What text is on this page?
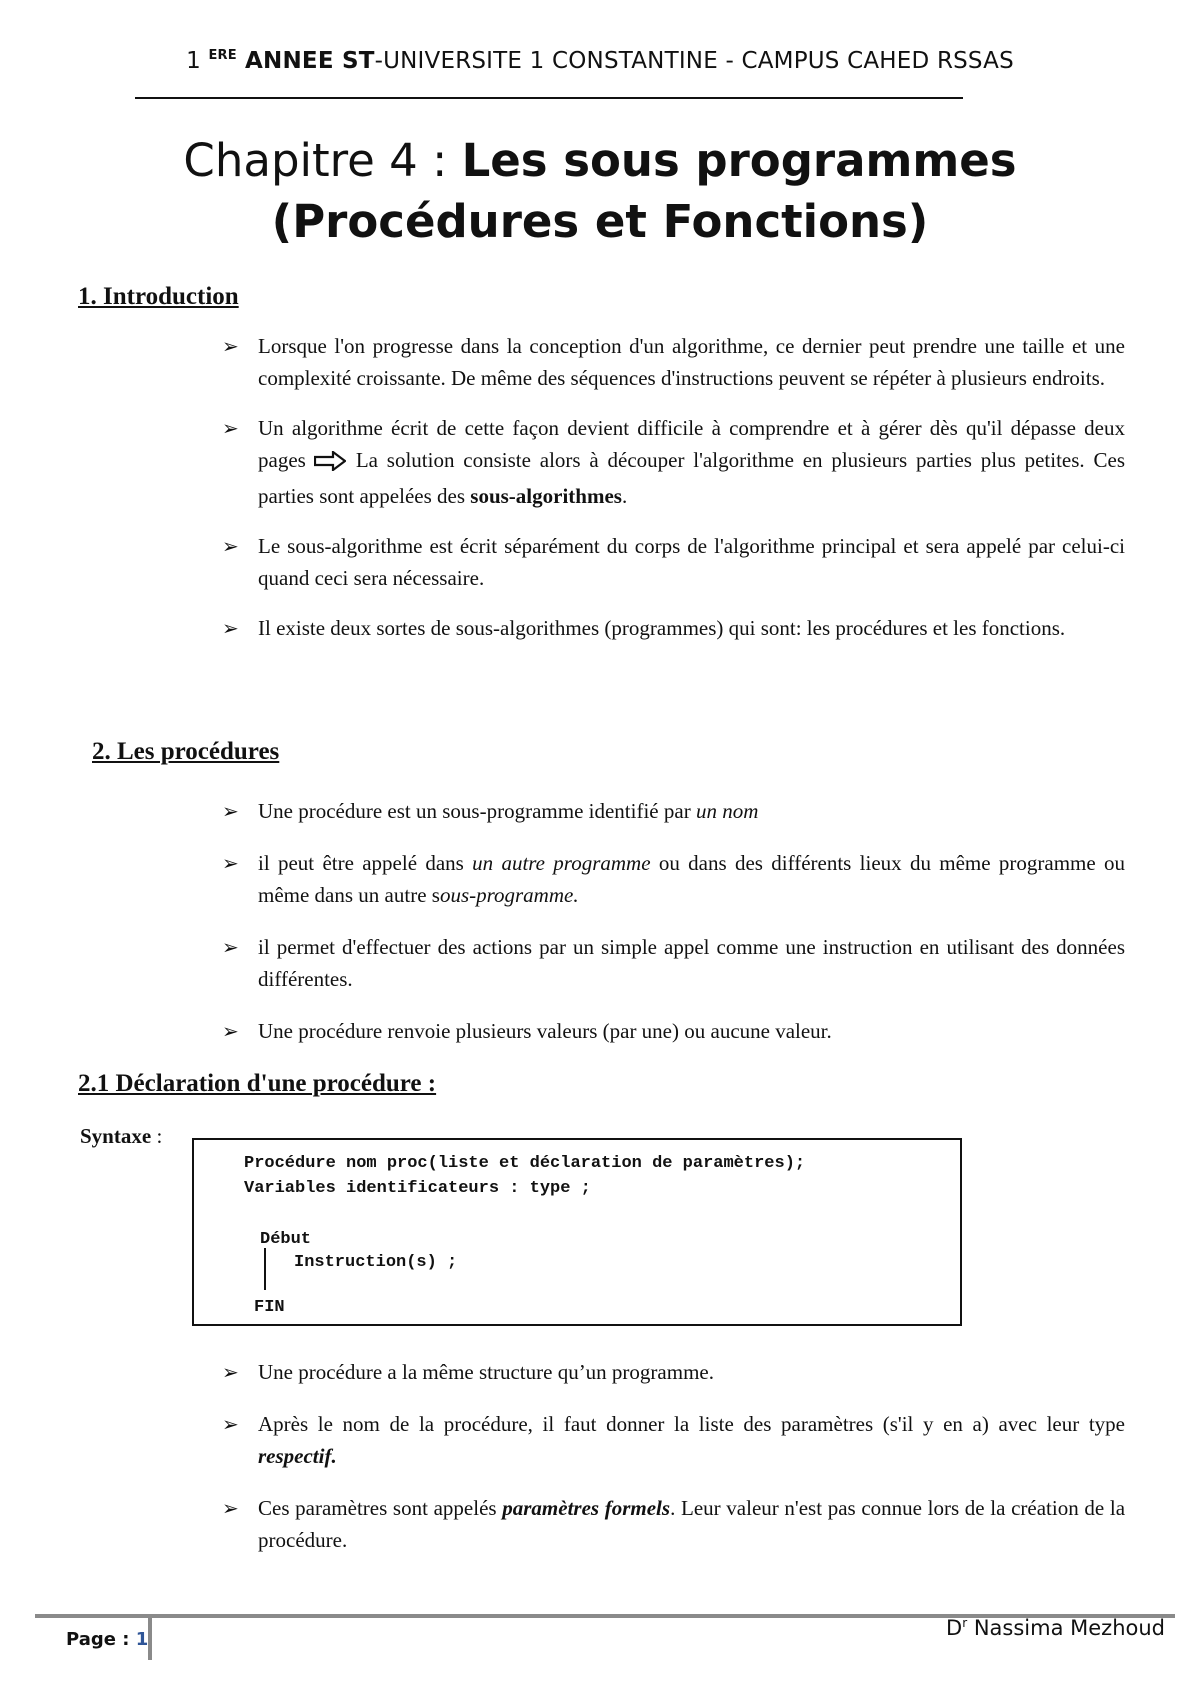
1 $^{ERE}$ ANNEE ST-UNIVERSITE 1 CONSTANTINE - CAMPUS CAHED RSSAS
Chapitre 4 : Les sous programmes
(Procédures et Fonctions)
1. Introduction
➢ Lorsque l'on progresse dans la conception d'un algorithme, ce dernier peut prendre une taille et une complexité croissante. De même des séquences d'instructions peuvent se répéter à plusieurs endroits.
➢ Un algorithme écrit de cette façon devient difficile à comprendre et à gérer dès qu'il dépasse deux pages La solution consiste alors à découper l'algorithme en plusieurs parties plus petites. Ces parties sont appelées des sous-algorithmes.
➢ Le sous-algorithme est écrit séparément du corps de l'algorithme principal et sera appelé par celui-ci quand ceci sera nécessaire.
➢ Il existe deux sortes de sous-algorithmes (programmes) qui sont: les procédures et les fonctions.
2. Les procédures
➢ Une procédure est un sous-programme identifié par un nom
➢ il peut être appelé dans un autre programme ou dans des différents lieux du même programme ou même dans un autre sous-programme.
➢ il permet d'effectuer des actions par un simple appel comme une instruction en utilisant des données différentes.
➢ Une procédure renvoie plusieurs valeurs (par une) ou aucune valeur.
2.1 Déclaration d'une procédure :
Syntaxe :
Procédure nom proc(liste et déclaration de paramètres);
Variables identificateurs : type ;
Début
Instruction(s) ;
FIN
➢ Une procédure a la même structure qu’un programme.
➢ Après le nom de la procédure, il faut donner la liste des paramètres (s'il y en a) avec leur type respectif.
➢ Ces paramètres sont appelés paramètres formels. Leur valeur n'est pas connue lors de la création de la procédure.
Page : 1	$D^r$ Nassima Mezhoud
